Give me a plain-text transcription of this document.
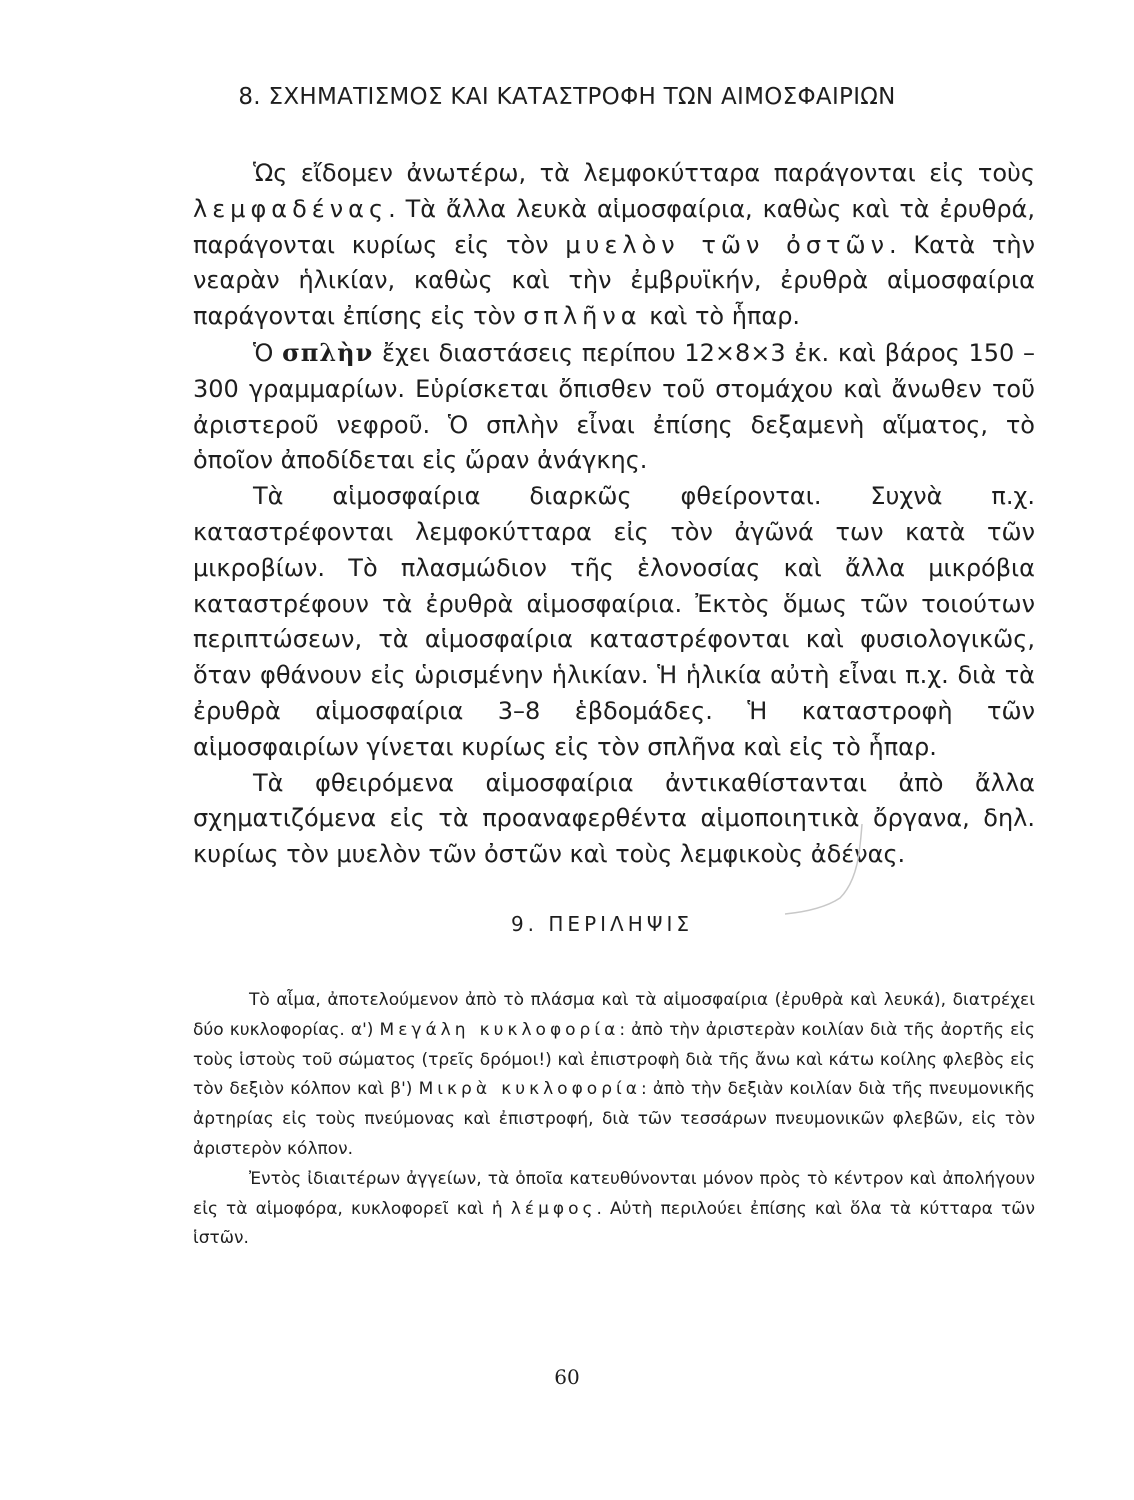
8. ΣΧΗΜΑΤΙΣΜΟΣ ΚΑΙ ΚΑΤΑΣΤΡΟΦΗ ΤΩΝ ΑΙΜΟΣΦΑΙΡΙΩΝ

Ὡς εἴδομεν ἀνωτέρω, τὰ λεμφοκύτταρα παράγονται εἰς τοὺς λεμφαδένας. Τὰ ἄλλα λευκὰ αἱμοσφαίρια, καθὼς καὶ τὰ ἐρυθρά, παράγονται κυρίως εἰς τὸν μυελὸν τῶν ὀστῶν. Κατὰ τὴν νεαρὰν ἡλικίαν, καθὼς καὶ τὴν ἐμβρυϊκήν, ἐρυθρὰ αἱμοσφαίρια παράγονται ἐπίσης εἰς τὸν σπλῆνα καὶ τὸ ἧπαρ.

Ὁ σπλὴν ἔχει διαστάσεις περίπου 12×8×3 ἐκ. καὶ βάρος 150 –300 γραμμαρίων. Εὑρίσκεται ὄπισθεν τοῦ στομάχου καὶ ἄνωθεν τοῦ ἀριστεροῦ νεφροῦ. Ὁ σπλὴν εἶναι ἐπίσης δεξαμενὴ αἵματος, τὸ ὁποῖον ἀποδίδεται εἰς ὥραν ἀνάγκης.

Τὰ αἱμοσφαίρια διαρκῶς φθείρονται. Συχνὰ π.χ. καταστρέφονται λεμφοκύτταρα εἰς τὸν ἀγῶνά των κατὰ τῶν μικροβίων. Τὸ πλασμώδιον τῆς ἑλονοσίας καὶ ἄλλα μικρόβια καταστρέφουν τὰ ἐρυθρὰ αἱμοσφαίρια. Ἐκτὸς ὅμως τῶν τοιούτων περιπτώσεων, τὰ αἱμοσφαίρια καταστρέφονται καὶ φυσιολογικῶς, ὅταν φθάνουν εἰς ὡρισμένην ἡλικίαν. Ἡ ἡλικία αὐτὴ εἶναι π.χ. διὰ τὰ ἐρυθρὰ αἱμοσφαίρια 3–8 ἑβδομάδες. Ἡ καταστροφὴ τῶν αἱμοσφαιρίων γίνεται κυρίως εἰς τὸν σπλῆνα καὶ εἰς τὸ ἧπαρ.

Τὰ φθειρόμενα αἱμοσφαίρια ἀντικαθίστανται ἀπὸ ἄλλα σχηματιζόμενα εἰς τὰ προαναφερθέντα αἱμοποιητικὰ ὄργανα, δηλ. κυρίως τὸν μυελὸν τῶν ὀστῶν καὶ τοὺς λεμφικοὺς ἀδένας.

9. ΠΕΡΙΛΗΨΙΣ

Τὸ αἷμα, ἀποτελούμενον ἀπὸ τὸ πλάσμα καὶ τὰ αἱμοσφαίρια (ἐρυθρὰ καὶ λευκά), διατρέχει δύο κυκλοφορίας. α') Μεγάλη κυκλοφορία: ἀπὸ τὴν ἀριστερὰν κοιλίαν διὰ τῆς ἀορτῆς εἰς τοὺς ἱστοὺς τοῦ σώματος (τρεῖς δρόμοι!) καὶ ἐπιστροφὴ διὰ τῆς ἄνω καὶ κάτω κοίλης φλεβὸς εἰς τὸν δεξιὸν κόλπον καὶ β') Μικρὰ κυκλοφορία: ἀπὸ τὴν δεξιὰν κοιλίαν διὰ τῆς πνευμονικῆς ἀρτηρίας εἰς τοὺς πνεύμονας καὶ ἐπιστροφή, διὰ τῶν τεσσάρων πνευμονικῶν φλεβῶν, εἰς τὸν ἀριστερὸν κόλπον.

Ἐντὸς ἰδιαιτέρων ἀγγείων, τὰ ὁποῖα κατευθύνονται μόνον πρὸς τὸ κέντρον καὶ ἀπολήγουν εἰς τὰ αἱμοφόρα, κυκλοφορεῖ καὶ ἡ λέμφος. Αὐτὴ περιλούει ἐπίσης καὶ ὅλα τὰ κύτταρα τῶν ἱστῶν.

60
